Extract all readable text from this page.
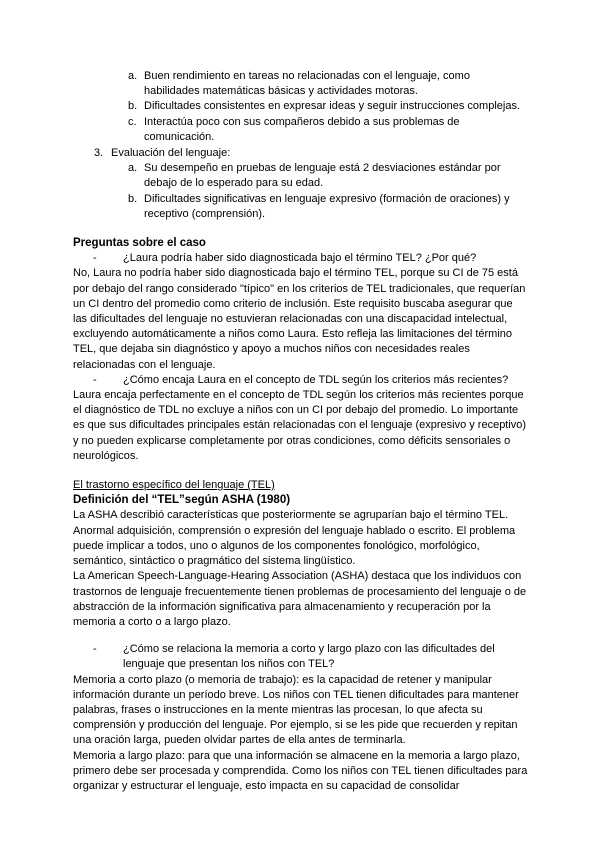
a. Buen rendimiento en tareas no relacionadas con el lenguaje, como habilidades matemáticas básicas y actividades motoras.
b. Dificultades consistentes en expresar ideas y seguir instrucciones complejas.
c. Interactúa poco con sus compañeros debido a sus problemas de comunicación.
3. Evaluación del lenguaje:
a. Su desempeño en pruebas de lenguaje está 2 desviaciones estándar por debajo de lo esperado para su edad.
b. Dificultades significativas en lenguaje expresivo (formación de oraciones) y receptivo (comprensión).

Preguntas sobre el caso

- ¿Laura podría haber sido diagnosticada bajo el término TEL? ¿Por qué?

No, Laura no podría haber sido diagnosticada bajo el término TEL, porque su CI de 75 está por debajo del rango considerado "típico" en los criterios de TEL tradicionales, que requerían un CI dentro del promedio como criterio de inclusión. Este requisito buscaba asegurar que las dificultades del lenguaje no estuvieran relacionadas con una discapacidad intelectual, excluyendo automáticamente a niños como Laura. Esto refleja las limitaciones del término TEL, que dejaba sin diagnóstico y apoyo a muchos niños con necesidades reales relacionadas con el lenguaje.

- ¿Cómo encaja Laura en el concepto de TDL según los criterios más recientes?

Laura encaja perfectamente en el concepto de TDL según los criterios más recientes porque el diagnóstico de TDL no excluye a niños con un CI por debajo del promedio. Lo importante es que sus dificultades principales están relacionadas con el lenguaje (expresivo y receptivo) y no pueden explicarse completamente por otras condiciones, como déficits sensoriales o neurológicos.

El trastorno específico del lenguaje (TEL)

Definición del “TEL”según ASHA (1980)

La ASHA describió características que posteriormente se agruparían bajo el término TEL. Anormal adquisición, comprensión o expresión del lenguaje hablado o escrito. El problema puede implicar a todos, uno o algunos de los componentes fonológico, morfológico, semántico, sintáctico o pragmático del sistema lingüístico.

La American Speech-Language-Hearing Association (ASHA) destaca que los individuos con trastornos de lenguaje frecuentemente tienen problemas de procesamiento del lenguaje o de abstracción de la información significativa para almacenamiento y recuperación por la memoria a corto o a largo plazo.

- ¿Cómo se relaciona la memoria a corto y largo plazo con las dificultades del lenguaje que presentan los niños con TEL?

Memoria a corto plazo (o memoria de trabajo): es la capacidad de retener y manipular información durante un período breve. Los niños con TEL tienen dificultades para mantener palabras, frases o instrucciones en la mente mientras las procesan, lo que afecta su comprensión y producción del lenguaje. Por ejemplo, si se les pide que recuerden y repitan una oración larga, pueden olvidar partes de ella antes de terminarla.

Memoria a largo plazo: para que una información se almacene en la memoria a largo plazo, primero debe ser procesada y comprendida. Como los niños con TEL tienen dificultades para organizar y estructurar el lenguaje, esto impacta en su capacidad de consolidar
